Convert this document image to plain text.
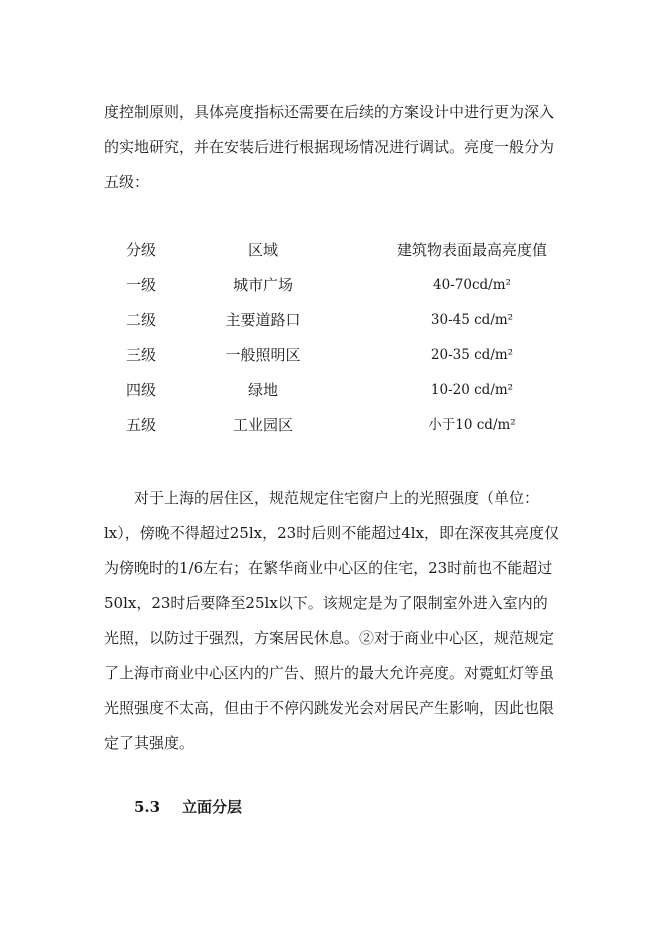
度控制原则，具体亮度指标还需要在后续的方案设计中进行更为深入
的实地研究，并在安装后进行根据现场情况进行调试。亮度一般分为
五级：

分级	区域	建筑物表面最高亮度值
一级	城市广场	40-70cd/m²
二级	主要道路口	30-45 cd/m²
三级	一般照明区	20-35 cd/m²
四级	绿地	10-20 cd/m²
五级	工业园区	小于10 cd/m²

　　对于上海的居住区，规范规定住宅窗户上的光照强度（单位：
lx），傍晚不得超过25lx，23时后则不能超过4lx，即在深夜其亮度仅
为傍晚时的1/6左右；在繁华商业中心区的住宅，23时前也不能超过
50lx，23时后要降至25lx以下。该规定是为了限制室外进入室内的
光照，以防过于强烈，方案居民休息。②对于商业中心区，规范规定
了上海市商业中心区内的广告、照片的最大允许亮度。对霓虹灯等虽
光照强度不太高，但由于不停闪跳发光会对居民产生影响，因此也限
定了其强度。

5.3 立面分层
